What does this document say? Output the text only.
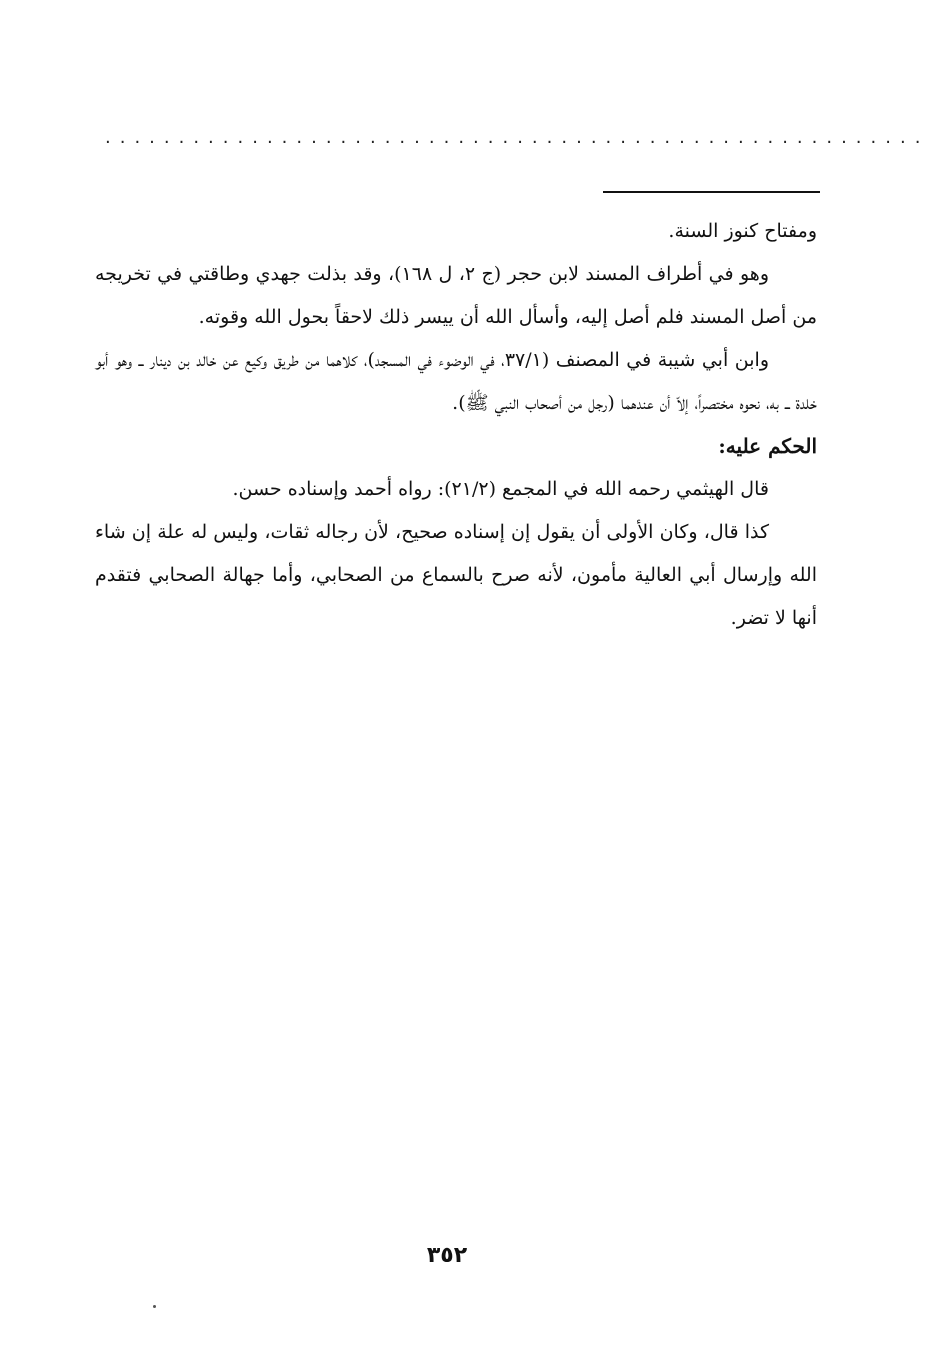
........................................................

ومفتاح كنوز السنة.

وهو في أطراف المسند لابن حجر (ج ٢، ل ١٦٨)، وقد بذلت جهدي وطاقتي في تخريجه من أصل المسند فلم أصل إليه، وأسأل الله أن ييسر ذلك لاحقاً بحول الله وقوته.

وابن أبي شيبة في المصنف (٣٧/١، في الوضوء في المسجد)، كلاهما من طريق وكيع عن خالد بن دينار ــ وهو أبو خلدة ــ به، نحوه مختصراً، إلاّ أن عندهما (رجل من أصحاب النبي ﷺ).

الحكم عليه:

قال الهيثمي رحمه الله في المجمع (٢١/٢): رواه أحمد وإسناده حسن.

كذا قال، وكان الأولى أن يقول إن إسناده صحيح، لأن رجاله ثقات، وليس له علة إن شاء الله وإرسال أبي العالية مأمون، لأنه صرح بالسماع من الصحابي، وأما جهالة الصحابي فتقدم أنها لا تضر.

٣٥٢
